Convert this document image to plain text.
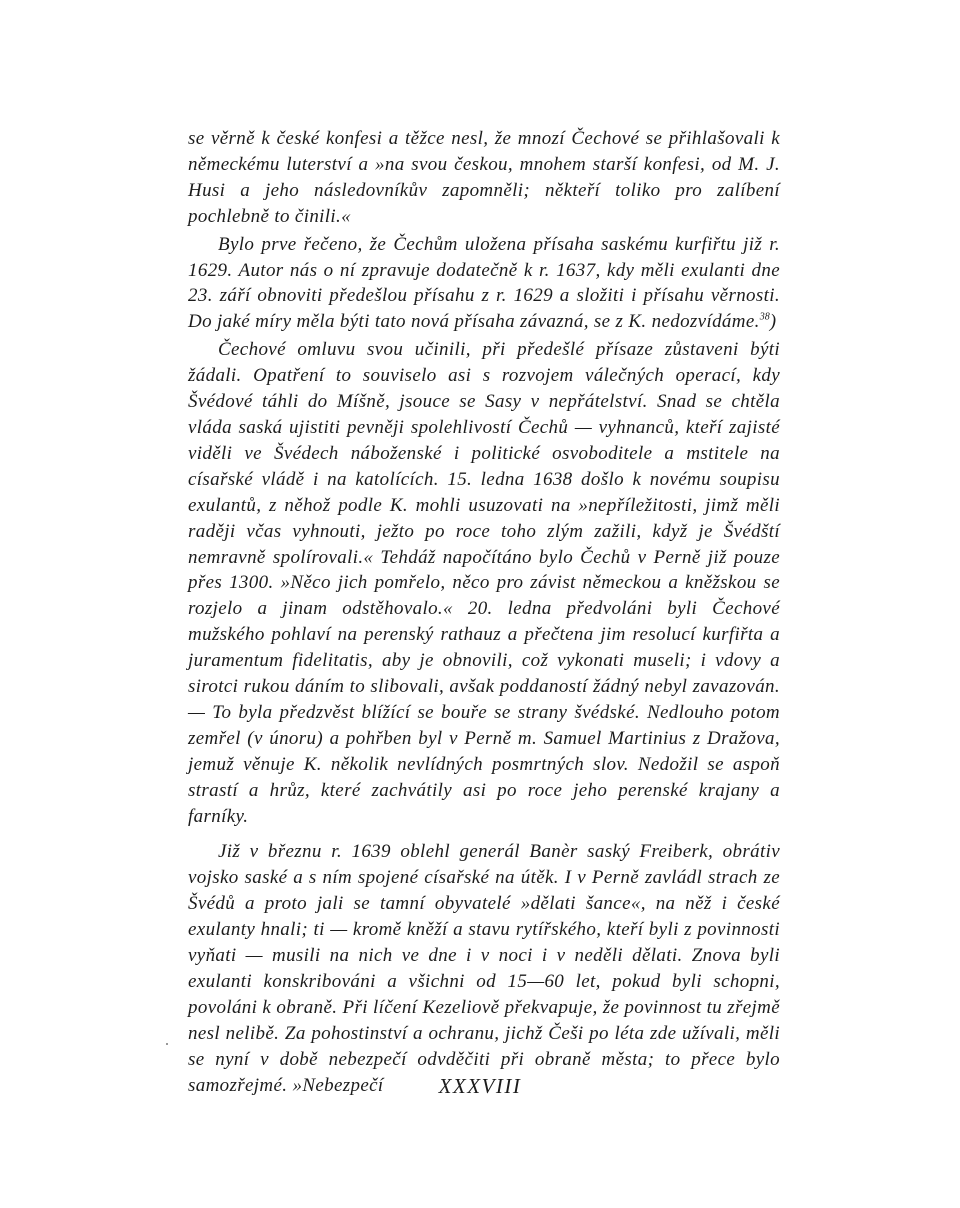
se věrně k české konfesi a těžce nesl, že mnozí Čechové se přihlašovali k německému luterství a »na svou českou, mnohem starší konfesi, od M. J. Husi a jeho následovníkův zapomněli; někteří toliko pro zalíbení pochlebně to činili.«

Bylo prve řečeno, že Čechům uložena přísaha saskému kurfiřtu již r. 1629. Autor nás o ní zpravuje dodatečně k r. 1637, kdy měli exulanti dne 23. září obnoviti předešlou přísahu z r. 1629 a složiti i přísahu věrnosti. Do jaké míry měla býti tato nová přísaha závazná, se z K. nedozvídáme.$^{38}$)

Čechové omluvu svou učinili, při předešlé přísaze zůstaveni býti žádali. Opatření to souviselo asi s rozvojem válečných operací, kdy Švédové táhli do Míšně, jsouce se Sasy v nepřátelství. Snad se chtěla vláda saská ujistiti pevněji spolehlivostí Čechů — vyhnanců, kteří zajisté viděli ve Švédech náboženské i politické osvoboditele a mstitele na císařské vládě i na katolících. 15. ledna 1638 došlo k novému soupisu exulantů, z něhož podle K. mohli usuzovati na »nepříležitosti, jimž měli raději včas vyhnouti, ježto po roce toho zlým zažili, když je Švédští nemravně spolírovali.« Tehdáž napočítáno bylo Čechů v Perně již pouze přes 1300. »Něco jich pomřelo, něco pro závist německou a kněžskou se rozjelo a jinam odstěhovalo.« 20. ledna předvoláni byli Čechové mužského pohlaví na perenský rathauz a přečtena jim resolucí kurfiřta a juramentum fidelitatis, aby je obnovili, což vykonati museli; i vdovy a sirotci rukou dáním to slibovali, avšak poddaností žádný nebyl zavazován. — To byla předzvěst blížící se bouře se strany švédské. Nedlouho potom zemřel (v únoru) a pohřben byl v Perně m. Samuel Martinius z Dražova, jemuž věnuje K. několik nevlídných posmrtných slov. Nedožil se aspoň strastí a hrůz, které zachvátily asi po roce jeho perenské krajany a farníky.

Již v březnu r. 1639 oblehl generál Banèr saský Freiberk, obrátiv vojsko saské a s ním spojené císařské na útěk. I v Perně zavládl strach ze Švédů a proto jali se tamní obyvatelé »dělati šance«, na něž i české exulanty hnali; ti — kromě kněží a stavu rytířského, kteří byli z povinnosti vyňati — musili na nich ve dne i v noci i v neděli dělati. Znova byli exulanti konskribováni a všichni od 15—60 let, pokud byli schopni, povoláni k obraně. Při líčení Kezeliově překvapuje, že povinnost tu zřejmě nesl nelibě. Za pohostinství a ochranu, jichž Češi po léta zde užívali, měli se nyní v době nebezpečí odvděčiti při obraně města; to přece bylo samozřejmé. »Nebezpečí	XXXVIII
